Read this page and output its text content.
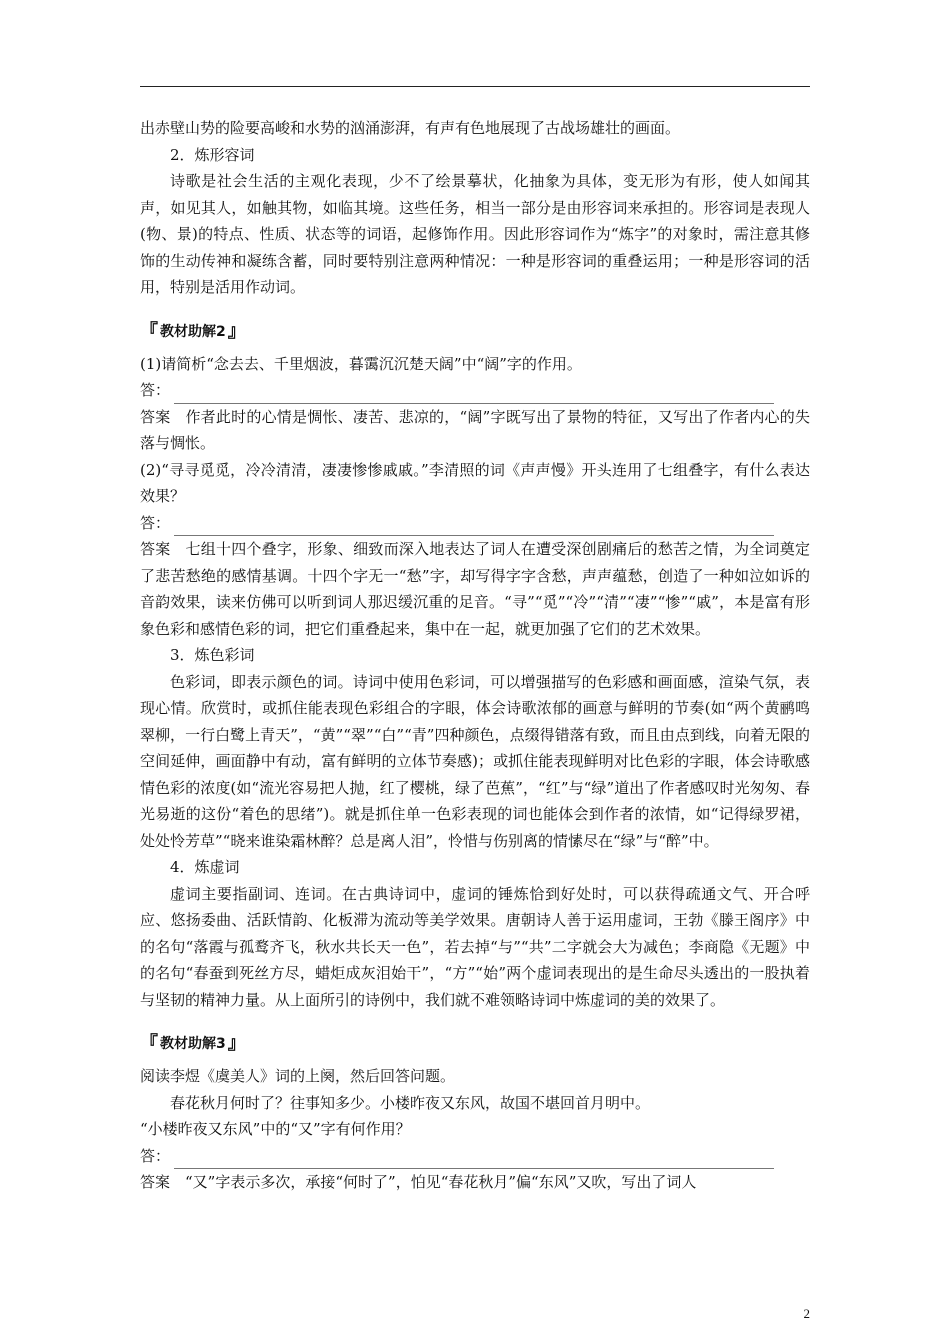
出赤壁山势的险要高峻和水势的汹涌澎湃，有声有色地展现了古战场雄壮的画面。

2．炼形容词

诗歌是社会生活的主观化表现，少不了绘景摹状，化抽象为具体，变无形为有形，使人如闻其声，如见其人，如触其物，如临其境。这些任务，相当一部分是由形容词来承担的。形容词是表现人(物、景)的特点、性质、状态等的词语，起修饰作用。因此形容词作为“炼字”的对象时，需注意其修饰的生动传神和凝练含蓄，同时要特别注意两种情况：一种是形容词的重叠运用；一种是形容词的活用，特别是活用作动词。

『 教材助解2 』

(1)请简析“念去去、千里烟波，暮霭沉沉楚天阔”中“阔”字的作用。

答：

答案 作者此时的心情是惆怅、凄苦、悲凉的，“阔”字既写出了景物的特征，又写出了作者内心的失落与惆怅。

(2)“寻寻觅觅，冷冷清清，凄凄惨惨戚戚。”李清照的词《声声慢》开头连用了七组叠字，有什么表达效果？

答：

答案 七组十四个叠字，形象、细致而深入地表达了词人在遭受深创剧痛后的愁苦之情，为全词奠定了悲苦愁绝的感情基调。十四个字无一“愁”字，却写得字字含愁，声声蕴愁，创造了一种如泣如诉的音韵效果，读来仿佛可以听到词人那迟缓沉重的足音。“寻”“觅”“冷”“清”“凄”“惨”“戚”，本是富有形象色彩和感情色彩的词，把它们重叠起来，集中在一起，就更加强了它们的艺术效果。

3．炼色彩词

色彩词，即表示颜色的词。诗词中使用色彩词，可以增强描写的色彩感和画面感，渲染气氛，表现心情。欣赏时，或抓住能表现色彩组合的字眼，体会诗歌浓郁的画意与鲜明的节奏(如“两个黄鹂鸣翠柳，一行白鹭上青天”，“黄”“翠”“白”“青”四种颜色，点缀得错落有致，而且由点到线，向着无限的空间延伸，画面静中有动，富有鲜明的立体节奏感)；或抓住能表现鲜明对比色彩的字眼，体会诗歌感情色彩的浓度(如“流光容易把人抛，红了樱桃，绿了芭蕉”，“红”与“绿”道出了作者感叹时光匆匆、春光易逝的这份“着色的思绪”)。就是抓住单一色彩表现的词也能体会到作者的浓情，如“记得绿罗裙，处处怜芳草”“晓来谁染霜林醉？总是离人泪”，怜惜与伤别离的情愫尽在“绿”与“醉”中。

4．炼虚词

虚词主要指副词、连词。在古典诗词中，虚词的锤炼恰到好处时，可以获得疏通文气、开合呼应、悠扬委曲、活跃情韵、化板滞为流动等美学效果。唐朝诗人善于运用虚词，王勃《滕王阁序》中的名句“落霞与孤鹜齐飞，秋水共长天一色”，若去掉“与”“共”二字就会大为减色；李商隐《无题》中的名句“春蚕到死丝方尽，蜡炬成灰泪始干”，“方”“始”两个虚词表现出的是生命尽头透出的一股执着与坚韧的精神力量。从上面所引的诗例中，我们就不难领略诗词中炼虚词的美的效果了。

『 教材助解3 』

阅读李煜《虞美人》词的上阕，然后回答问题。

春花秋月何时了？往事知多少。小楼昨夜又东风，故国不堪回首月明中。

“小楼昨夜又东风”中的“又”字有何作用？

答：

答案 “又”字表示多次，承接“何时了”，怕见“春花秋月”偏“东风”又吹，写出了词人

2
